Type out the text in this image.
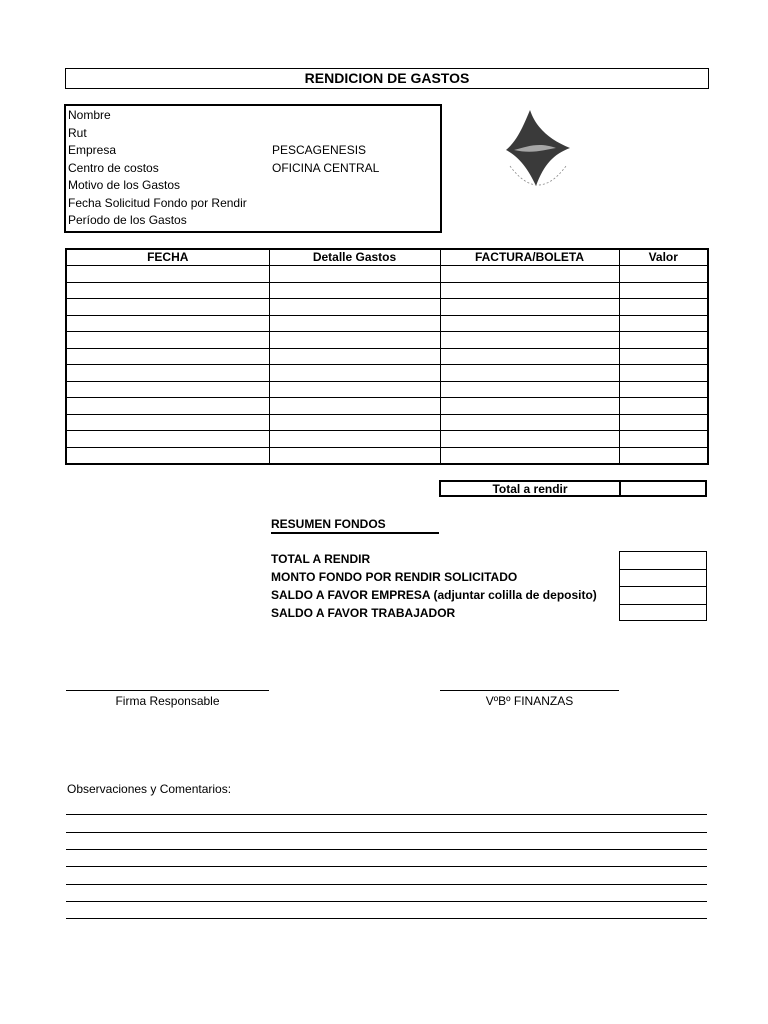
RENDICION DE GASTOS
Nombre
Rut
Empresa	PESCAGENESIS
Centro de costos	OFICINA CENTRAL
Motivo de los Gastos
Fecha Solicitud Fondo por Rendir
Período de los Gastos
FECHA	Detalle Gastos	FACTURA/BOLETA	Valor

Total a rendir
RESUMEN FONDOS
TOTAL A RENDIR
MONTO FONDO POR RENDIR SOLICITADO
SALDO A FAVOR EMPRESA (adjuntar colilla de deposito)
SALDO A FAVOR TRABAJADOR
Firma Responsable	VºBº FINANZAS
Observaciones y Comentarios:
